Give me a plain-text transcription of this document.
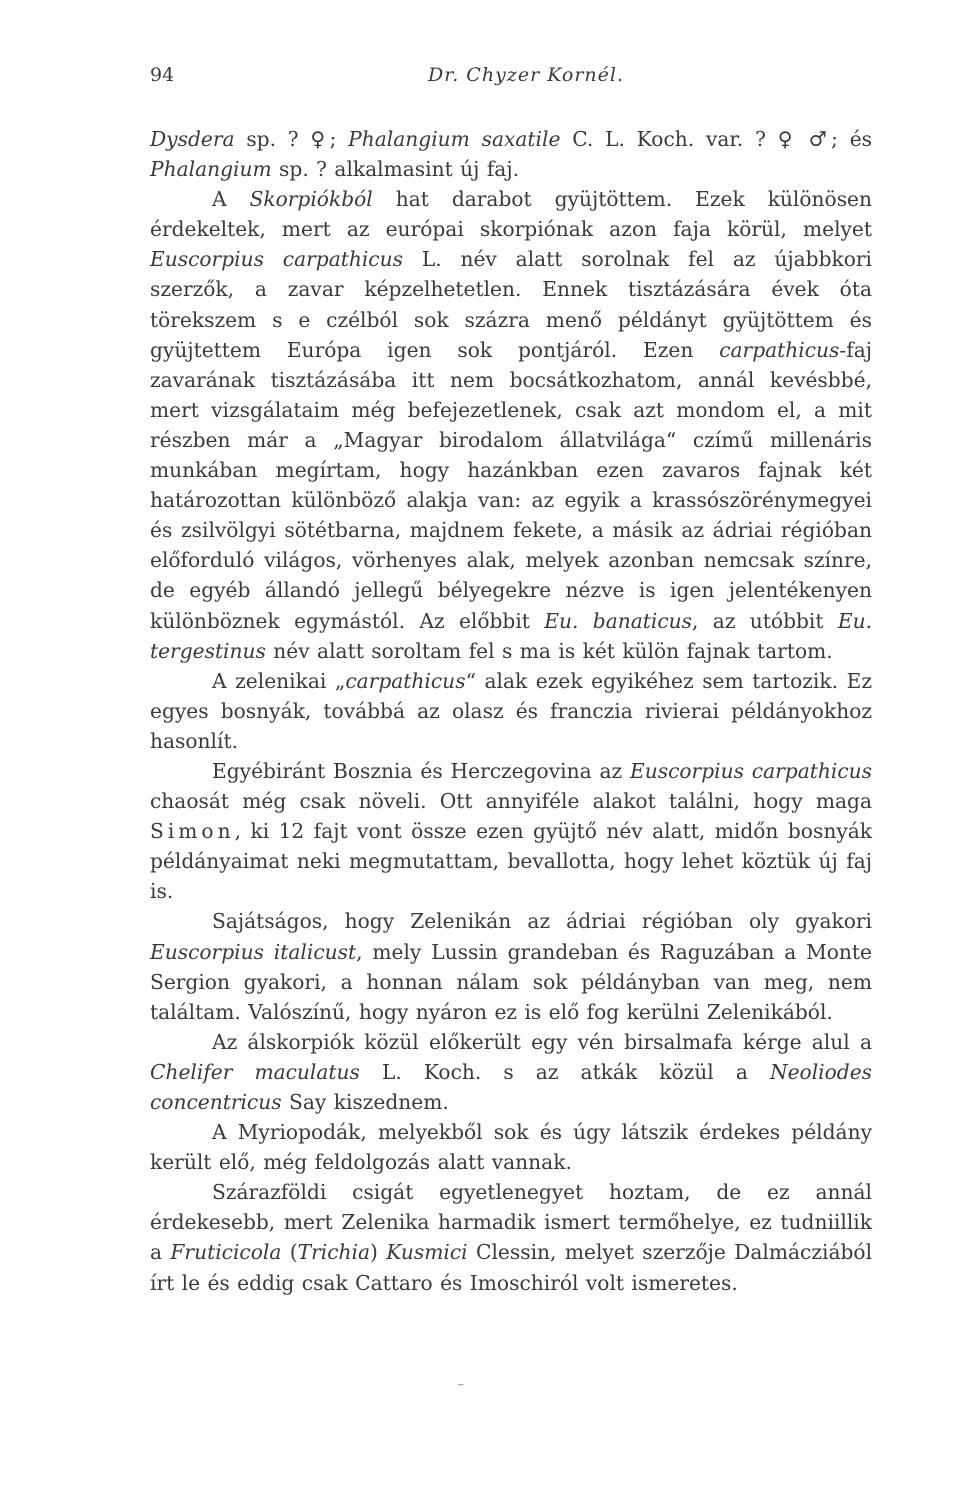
94	Dr. Chyzer Kornél.

Dysdera sp. ? ♀; Phalangium saxatile C. L. Koch. var. ? ♀ ♂; és Phalangium sp. ? alkalmasint új faj.

A Skorpiókból hat darabot gyüjtöttem. Ezek különösen érdekeltek, mert az európai skorpiónak azon faja körül, melyet Euscorpius carpathicus L. név alatt sorolnak fel az újabbkori szerzők, a zavar képzelhetetlen. Ennek tisztázására évek óta törekszem s e czélból sok százra menő példányt gyüjtöttem és gyüjtettem Európa igen sok pontjáról. Ezen carpathicus-faj zavarának tisztázásába itt nem bocsátkozhatom, annál kevésbbé, mert vizsgálataim még befejezetlenek, csak azt mondom el, a mit részben már a „Magyar birodalom állatvilága“ czímű millenáris munkában megírtam, hogy hazánkban ezen zavaros fajnak két határozottan különböző alakja van: az egyik a krassószörénymegyei és zsilvölgyi sötétbarna, majdnem fekete, a másik az ádriai régióban előforduló világos, vörhenyes alak, melyek azonban nemcsak színre, de egyéb állandó jellegű bélyegekre nézve is igen jelentékenyen különböznek egymástól. Az előbbit Eu. banaticus, az utóbbit Eu. tergestinus név alatt soroltam fel s ma is két külön fajnak tartom.

A zelenikai „carpathicus“ alak ezek egyikéhez sem tartozik. Ez egyes bosnyák, továbbá az olasz és franczia rivierai példányokhoz hasonlít.

Egyébiránt Bosznia és Herczegovina az Euscorpius carpathicus chaosát még csak növeli. Ott annyiféle alakot találni, hogy maga Simon, ki 12 fajt vont össze ezen gyüjtő név alatt, midőn bosnyák példányaimat neki megmutattam, bevallotta, hogy lehet köztük új faj is.

Sajátságos, hogy Zelenikán az ádriai régióban oly gyakori Euscorpius italicust, mely Lussin grandeban és Raguzában a Monte Sergion gyakori, a honnan nálam sok példányban van meg, nem találtam. Valószínű, hogy nyáron ez is elő fog kerülni Zelenikából.

Az álskorpiók közül előkerült egy vén birsalmafa kérge alul a Chelifer maculatus L. Koch. s az atkák közül a Neoliodes concentricus Say kiszednem.

A Myriopodák, melyekből sok és úgy látszik érdekes példány került elő, még feldolgozás alatt vannak.

Szárazföldi csigát egyetlenegyet hoztam, de ez annál érdekesebb, mert Zelenika harmadik ismert termőhelye, ez tudniillik a Fruticicola (Trichia) Kusmici Clessin, melyet szerzője Dalmácziából írt le és eddig csak Cattaro és Imoschiról volt ismeretes.

⁻
